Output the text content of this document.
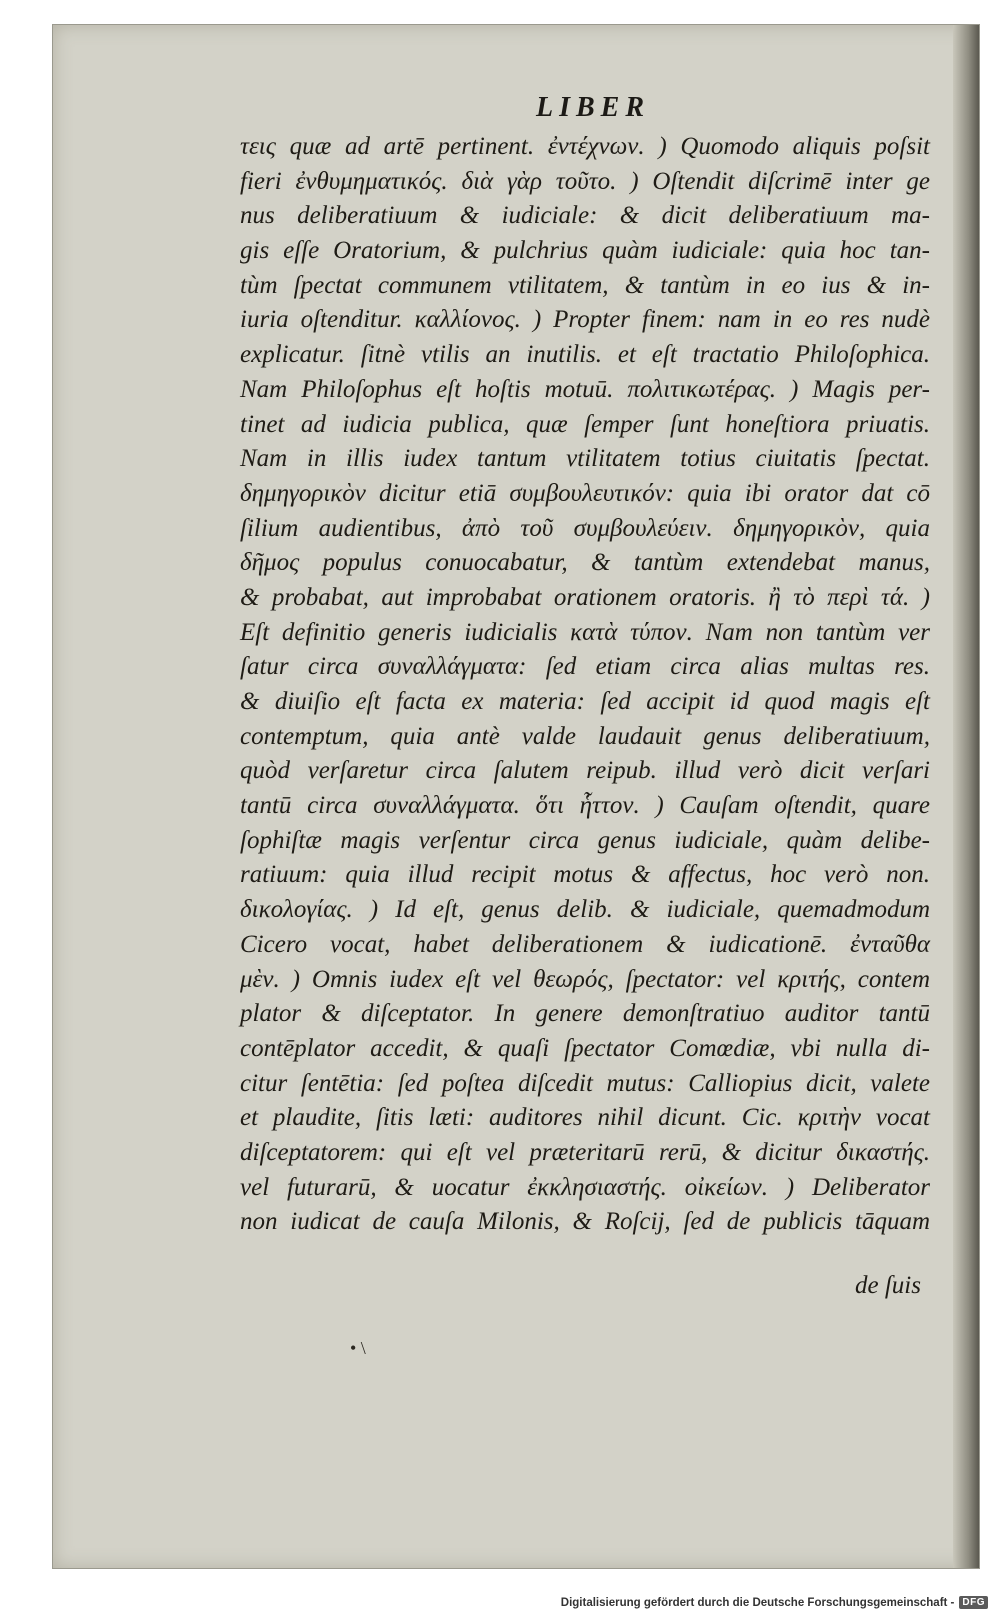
LIBER
τεις quæ ad artē pertinent. ἐντέχνων. ) Quomodo aliquis poſsit
fieri ἐνθυμηματικός. διὰ γὰρ τοῦτο. ) Oſtendit diſcrimē inter ge
nus deliberatiuum & iudiciale: & dicit deliberatiuum ma-
gis eſſe Oratorium, & pulchrius quàm iudiciale: quia hoc tan-
tùm ſpectat communem vtilitatem, & tantùm in eo ius & in-
iuria oſtenditur. καλλίονος. ) Propter finem: nam in eo res nudè
explicatur. ſitnè vtilis an inutilis. et eſt tractatio Philoſophica.
Nam Philoſophus eſt hoſtis motuū. πολιτικωτέρας. ) Magis per-
tinet ad iudicia publica, quæ ſemper ſunt honeſtiora priuatis.
Nam in illis iudex tantum vtilitatem totius ciuitatis ſpectat.
δημηγορικὸν dicitur etiā συμβουλευτικόν: quia ibi orator dat cō
ſilium audientibus, ἀπὸ τοῦ συμβουλεύειν. δημηγορικὸν, quia
δῆμος populus conuocabatur, & tantùm extendebat manus,
& probabat, aut improbabat orationem oratoris. ἢ τὸ περὶ τά. )
Eſt definitio generis iudicialis κατὰ τύπον. Nam non tantùm ver
ſatur circa συναλλάγματα: ſed etiam circa alias multas res.
& diuiſio eſt facta ex materia: ſed accipit id quod magis eſt
contemptum, quia antè valde laudauit genus deliberatiuum,
quòd verſaretur circa ſalutem reipub. illud verò dicit verſari
tantū circa συναλλάγματα. ὅτι ἧττον. ) Cauſam oſtendit, quare
ſophiſtæ magis verſentur circa genus iudiciale, quàm delibe-
ratiuum: quia illud recipit motus & affectus, hoc verò non.
δικολογίας. ) Id eſt, genus delib. & iudiciale, quemadmodum
Cicero vocat, habet deliberationem & iudicationē. ἐνταῦθα
μὲν. ) Omnis iudex eſt vel θεωρός, ſpectator: vel κριτής, contem
plator & diſceptator. In genere demonſtratiuo auditor tantū
contēplator accedit, & quaſi ſpectator Comœdiæ, vbi nulla di-
citur ſentētia: ſed poſtea diſcedit mutus: Calliopius dicit, valete
et plaudite, ſitis læti: auditores nihil dicunt. Cic. κριτὴν vocat
diſceptatorem: qui eſt vel præteritarū rerū, & dicitur δικαστής.
vel futurarū, & uocatur ἐκκλησιαστής. οἰκείων. ) Deliberator
non iudicat de cauſa Milonis, & Roſcij, ſed de publicis tāquam
de ſuis
• \
Digitalisierung gefördert durch die Deutsche Forschungsgemeinschaft - DFG
